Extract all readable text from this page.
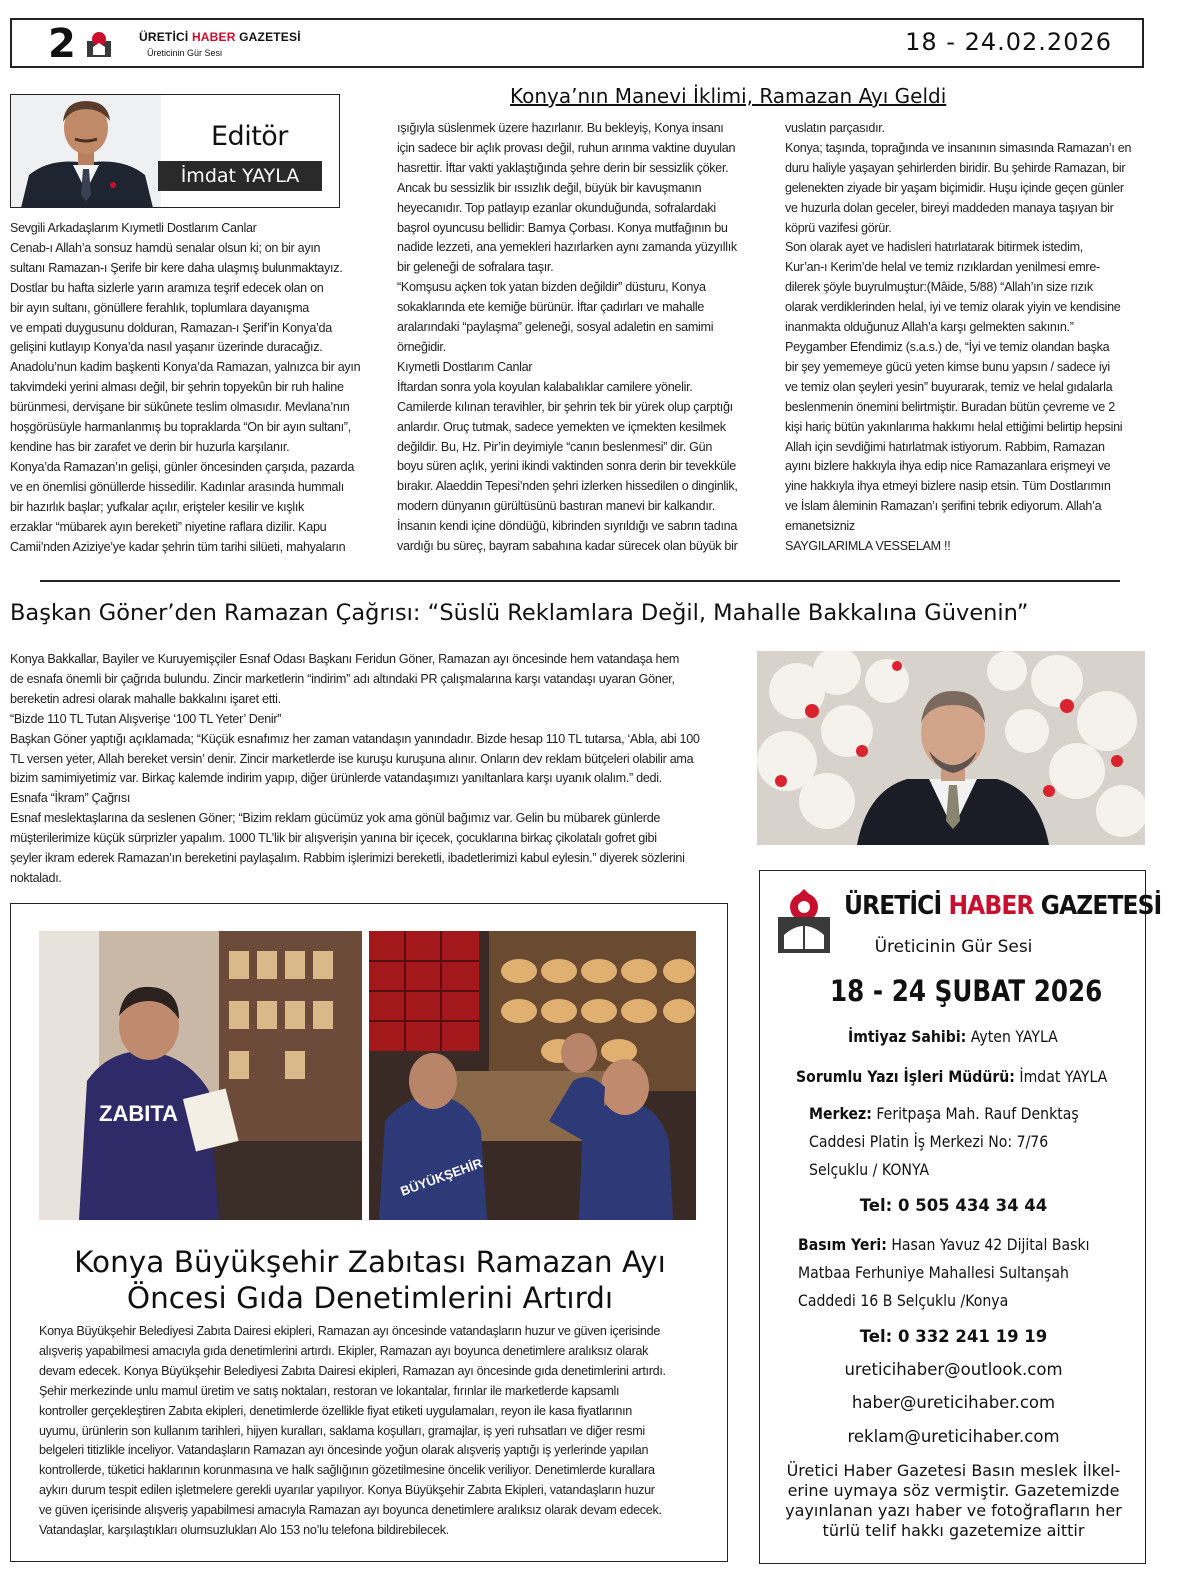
2	ÜRETİCİ HABER GAZETESİ
Üreticinin Gür Sesi	18 - 24.02.2026
Editör
İmdat YAYLA
Konya’nın Manevi İklimi, Ramazan Ayı Geldi

Sevgili Arkadaşlarım Kıymetli Dostlarım Canlar
Cenab-ı Allah’a sonsuz hamdü senalar olsun ki; on bir ayın
sultanı Ramazan-ı Şerife bir kere daha ulaşmış bulunmaktayız.
Dostlar bu hafta sizlerle yarın aramıza teşrif edecek olan on
bir ayın sultanı, gönüllere ferahlık, toplumlara dayanışma
ve empati duygusunu dolduran, Ramazan-ı Şerif’in Konya’da
gelişini kutlayıp Konya’da nasıl yaşanır üzerinde duracağız.
Anadolu’nun kadim başkenti Konya’da Ramazan, yalnızca bir ayın
takvimdeki yerini alması değil, bir şehrin topyekûn bir ruh haline
bürünmesi, dervişane bir sükûnete teslim olmasıdır. Mevlana’nın
hoşgörüsüyle harmanlanmış bu topraklarda “On bir ayın sultanı”,
kendine has bir zarafet ve derin bir huzurla karşılanır.
Konya’da Ramazan’ın gelişi, günler öncesinden çarşıda, pazarda
ve en önemlisi gönüllerde hissedilir. Kadınlar arasında hummalı
bir hazırlık başlar; yufkalar açılır, erişteler kesilir ve kışlık
erzaklar “mübarek ayın bereketi” niyetine raflara dizilir. Kapu
Camii’nden Aziziye’ye kadar şehrin tüm tarihi silüeti, mahyaların

ışığıyla süslenmek üzere hazırlanır. Bu bekleyiş, Konya insanı
için sadece bir açlık provası değil, ruhun arınma vaktine duyulan
hasrettir. İftar vakti yaklaştığında şehre derin bir sessizlik çöker.
Ancak bu sessizlik bir ıssızlık değil, büyük bir kavuşmanın
heyecanıdır. Top patlayıp ezanlar okunduğunda, sofralardaki
başrol oyuncusu bellidir: Bamya Çorbası. Konya mutfağının bu
nadide lezzeti, ana yemekleri hazırlarken aynı zamanda yüzyıllık
bir geleneği de sofralara taşır.
“Komşusu açken tok yatan bizden değildir” düsturu, Konya
sokaklarında ete kemiğe bürünür. İftar çadırları ve mahalle
aralarındaki “paylaşma” geleneği, sosyal adaletin en samimi
örneğidir.
Kıymetli Dostlarım Canlar
İftardan sonra yola koyulan kalabalıklar camilere yönelir.
Camilerde kılınan teravihler, bir şehrin tek bir yürek olup çarptığı
anlardır. Oruç tutmak, sadece yemekten ve içmekten kesilmek
değildir. Bu, Hz. Pir’in deyimiyle “canın beslenmesi” dir. Gün
boyu süren açlık, yerini ikindi vaktinden sonra derin bir tevekküle
bırakır. Alaeddin Tepesi’nden şehri izlerken hissedilen o dinginlik,
modern dünyanın gürültüsünü bastıran manevi bir kalkandır.
İnsanın kendi içine döndüğü, kibrinden sıyrıldığı ve sabrın tadına
vardığı bu süreç, bayram sabahına kadar sürecek olan büyük bir

vuslatın parçasıdır.
Konya; taşında, toprağında ve insanının simasında Ramazan’ı en
duru haliyle yaşayan şehirlerden biridir. Bu şehirde Ramazan, bir
gelenekten ziyade bir yaşam biçimidir. Huşu içinde geçen günler
ve huzurla dolan geceler, bireyi maddeden manaya taşıyan bir
köprü vazifesi görür.
Son olarak ayet ve hadisleri hatırlatarak bitirmek istedim,
Kur’an-ı Kerim’de helal ve temiz rızıklardan yenilmesi emre-
dilerek şöyle buyrulmuştur:(Mâide, 5/88) “Allah’ın size rızık
olarak verdiklerinden helal, iyi ve temiz olarak yiyin ve kendisine
inanmakta olduğunuz Allah’a karşı gelmekten sakının.”
Peygamber Efendimiz (s.a.s.) de, “İyi ve temiz olandan başka
bir şey yememeye gücü yeten kimse bunu yapsın / sadece iyi
ve temiz olan şeyleri yesin” buyurarak, temiz ve helal gıdalarla
beslenmenin önemini belirtmiştir. Buradan bütün çevreme ve 2
kişi hariç bütün yakınlarıma hakkımı helal ettiğimi belirtip hepsini
Allah için sevdiğimi hatırlatmak istiyorum. Rabbim, Ramazan
ayını bizlere hakkıyla ihya edip nice Ramazanlara erişmeyi ve
yine hakkıyla ihya etmeyi bizlere nasip etsin. Tüm Dostlarımın
ve İslam âleminin Ramazan’ı şerifini tebrik ediyorum. Allah’a
emanetsizniz
SAYGILARIMLA VESSELAM !!

Başkan Göner’den Ramazan Çağrısı: “Süslü Reklamlara Değil, Mahalle Bakkalına Güvenin”

Konya Bakkallar, Bayiler ve Kuruyemişçiler Esnaf Odası Başkanı Feridun Göner, Ramazan ayı öncesinde hem vatandaşa hem
de esnafa önemli bir çağrıda bulundu. Zincir marketlerin “indirim” adı altındaki PR çalışmalarına karşı vatandaşı uyaran Göner,
bereketin adresi olarak mahalle bakkalını işaret etti.
“Bizde 110 TL Tutan Alışverişe ‘100 TL Yeter’ Denir”
Başkan Göner yaptığı açıklamada; “Küçük esnafımız her zaman vatandaşın yanındadır. Bizde hesap 110 TL tutarsa, ‘Abla, abi 100
TL versen yeter, Allah bereket versin’ denir. Zincir marketlerde ise kuruşu kuruşuna alınır. Onların dev reklam bütçeleri olabilir ama
bizim samimiyetimiz var. Birkaç kalemde indirim yapıp, diğer ürünlerde vatandaşımızı yanıltanlara karşı uyanık olalım.” dedi.
Esnafa “İkram” Çağrısı
Esnaf meslektaşlarına da seslenen Göner; “Bizim reklam gücümüz yok ama gönül bağımız var. Gelin bu mübarek günlerde
müşterilerimize küçük sürprizler yapalım. 1000 TL’lik bir alışverişin yanına bir içecek, çocuklarına birkaç çikolatalı gofret gibi
şeyler ikram ederek Ramazan’ın bereketini paylaşalım. Rabbim işlerimizi bereketli, ibadetlerimizi kabul eylesin.” diyerek sözlerini
noktaladı.

ZABITA
BÜYÜKŞEHİR
Konya Büyükşehir Zabıtası Ramazan Ayı
Öncesi Gıda Denetimlerini Artırdı

Konya Büyükşehir Belediyesi Zabıta Dairesi ekipleri, Ramazan ayı öncesinde vatandaşların huzur ve güven içerisinde
alışveriş yapabilmesi amacıyla gıda denetimlerini artırdı. Ekipler, Ramazan ayı boyunca denetimlere aralıksız olarak
devam edecek. Konya Büyükşehir Belediyesi Zabıta Dairesi ekipleri, Ramazan ayı öncesinde gıda denetimlerini artırdı.
Şehir merkezinde unlu mamul üretim ve satış noktaları, restoran ve lokantalar, fırınlar ile marketlerde kapsamlı
kontroller gerçekleştiren Zabıta ekipleri, denetimlerde özellikle fiyat etiketi uygulamaları, reyon ile kasa fiyatlarının
uyumu, ürünlerin son kullanım tarihleri, hijyen kuralları, saklama koşulları, gramajlar, iş yeri ruhsatları ve diğer resmi
belgeleri titizlikle inceliyor. Vatandaşların Ramazan ayı öncesinde yoğun olarak alışveriş yaptığı iş yerlerinde yapılan
kontrollerde, tüketici haklarının korunmasına ve halk sağlığının gözetilmesine öncelik veriliyor. Denetimlerde kurallara
aykırı durum tespit edilen işletmelere gerekli uyarılar yapılıyor. Konya Büyükşehir Zabıta Ekipleri, vatandaşların huzur
ve güven içerisinde alışveriş yapabilmesi amacıyla Ramazan ayı boyunca denetimlere aralıksız olarak devam edecek.
Vatandaşlar, karşılaştıkları olumsuzlukları Alo 153 no’lu telefona bildirebilecek.

ÜRETİCİ HABER GAZETESİ
Üreticinin Gür Sesi
18 - 24 ŞUBAT 2026
İmtiyaz Sahibi: Ayten YAYLA
Sorumlu Yazı İşleri Müdürü: İmdat YAYLA
Merkez: Feritpaşa Mah. Rauf Denktaş
Caddesi Platin İş Merkezi No: 7/76
Selçuklu / KONYA
Tel: 0 505 434 34 44
Basım Yeri: Hasan Yavuz 42 Dijital Baskı
Matbaa Ferhuniye Mahallesi Sultanşah
Caddedi 16 B Selçuklu /Konya
Tel: 0 332 241 19 19
ureticihaber@outlook.com
haber@ureticihaber.com
reklam@ureticihaber.com
Üretici Haber Gazetesi Basın meslek İlkel-
erine uymaya söz vermiştir. Gazetemizde
yayınlanan yazı haber ve fotoğrafların her
türlü telif hakkı gazetemize aittir
